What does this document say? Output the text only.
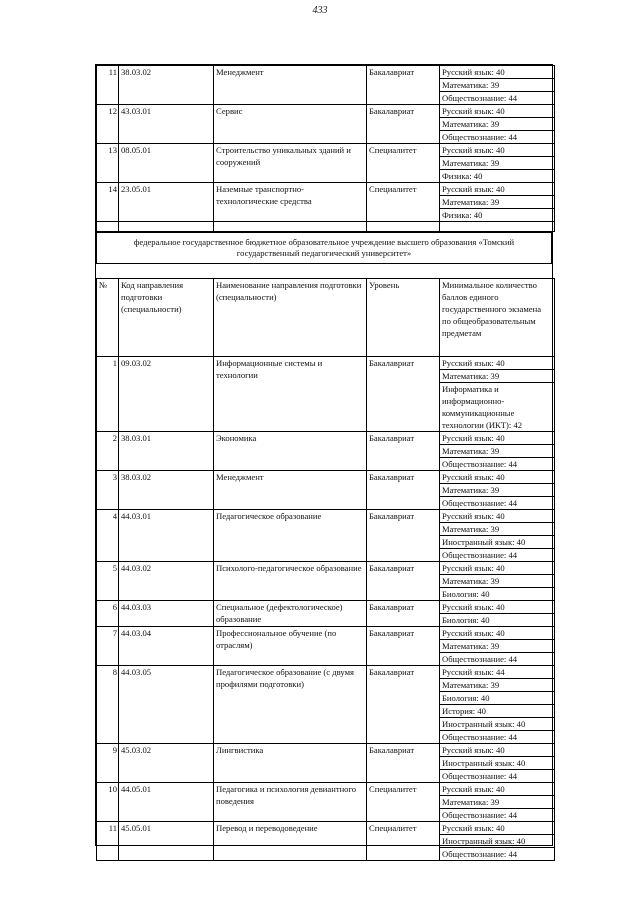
433
11	38.03.02	Менеджмент	Бакалавриат		Русский язык: 40
Математика: 39
Обществознание: 44

12	43.03.01	Сервис	Бакалавриат		Русский язык: 40
Математика: 39
Обществознание: 44

13	08.05.01	Строительство уникальных зданий и сооружений	Специалитет		Русский язык: 40
Математика: 39
Физика: 40

14	23.05.01	Наземные транспортно-технологические средства	Специалитет		Русский язык: 40
Математика: 39
Физика: 40

федеральное государственное бюджетное образовательное учреждение высшего образования «Томский государственный педагогический университет»
№	Код направления подготовки (специальности)	Наименование направления подготовки (специальности)	Уровень	Минимальное количество баллов единого государственного экзамена по общеобразовательным предметам
1	09.03.02	Информационные системы и технологии	Бакалавриат		Русский язык: 40
Математика: 39
Информатика и информационно-коммуникационные технологии (ИКТ): 42

2	38.03.01	Экономика	Бакалавриат		Русский язык: 40
Математика: 39
Обществознание: 44

3	38.03.02	Менеджмент	Бакалавриат		Русский язык: 40
Математика: 39
Обществознание: 44

4	44.03.01	Педагогическое образование	Бакалавриат		Русский язык: 40
Математика: 39
Иностранный язык: 40
Обществознание: 44

5	44.03.02	Психолого-педагогическое образование	Бакалавриат		Русский язык: 40
Математика: 39
Биология: 40

6	44.03.03	Специальное (дефектологическое) образование	Бакалавриат		Русский язык: 40
Биология: 40

7	44.03.04	Профессиональное обучение (по отраслям)	Бакалавриат		Русский язык: 40
Математика: 39
Обществознание: 44

8	44.03.05	Педагогическое образование (с двумя профилями подготовки)	Бакалавриат		Русский язык: 44
Математика: 39
Биология: 40
История: 40
Иностранный язык: 40
Обществознание: 44

9	45.03.02	Лингвистика	Бакалавриат		Русский язык: 40
Иностранный язык: 40
Обществознание: 44

10	44.05.01	Педагогика и психология девиантного поведения	Специалитет		Русский язык: 40
Математика: 39
Обществознание: 44

11	45.05.01	Перевод и переводоведение	Специалитет		Русский язык: 40
Иностранный язык: 40
Обществознание: 44
